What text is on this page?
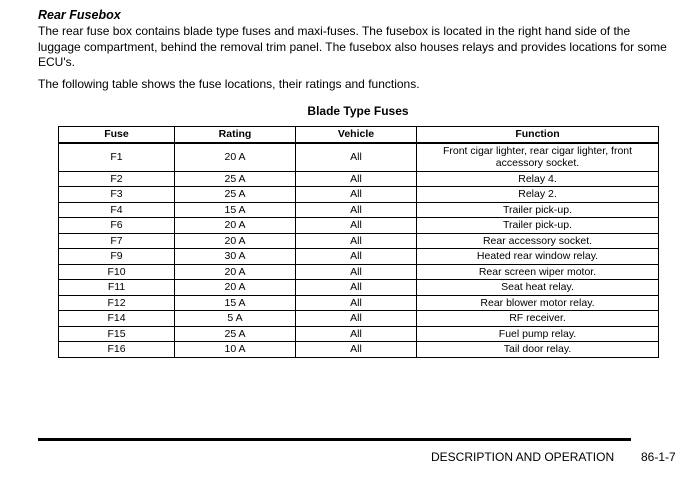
Rear Fusebox

The rear fuse box contains blade type fuses and maxi-fuses. The fusebox is located in the right hand side of the luggage compartment, behind the removal trim panel. The fusebox also houses relays and provides locations for some ECU's.

The following table shows the fuse locations, their ratings and functions.

Blade Type Fuses
Fuse	Rating	Vehicle	Function
F1	20 A	All	Front cigar lighter, rear cigar lighter, front accessory socket.
F2	25 A	All	Relay 4.
F3	25 A	All	Relay 2.
F4	15 A	All	Trailer pick-up.
F6	20 A	All	Trailer pick-up.
F7	20 A	All	Rear accessory socket.
F9	30 A	All	Heated rear window relay.
F10	20 A	All	Rear screen wiper motor.
F11	20 A	All	Seat heat relay.
F12	15 A	All	Rear blower motor relay.
F14	5 A	All	RF receiver.
F15	25 A	All	Fuel pump relay.
F16	10 A	All	Tail door relay.
DESCRIPTION AND OPERATION 86-1-7
